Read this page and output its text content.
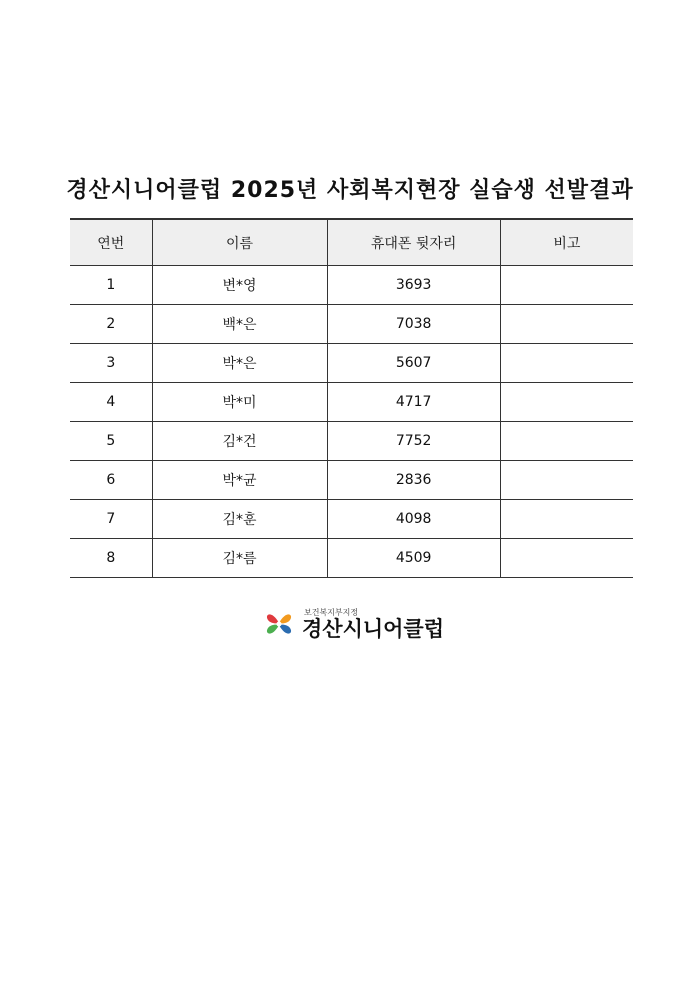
경산시니어클럽 2025년 사회복지현장 실습생 선발결과
연번	이름	휴대폰 뒷자리	비고
1	변*영	3693	
2	백*은	7038	
3	박*은	5607	
4	박*미	4717	
5	김*건	7752	
6	박*균	2836	
7	김*훈	4098	
8	김*름	4509	
보건복지부지정
경산시니어클럽
